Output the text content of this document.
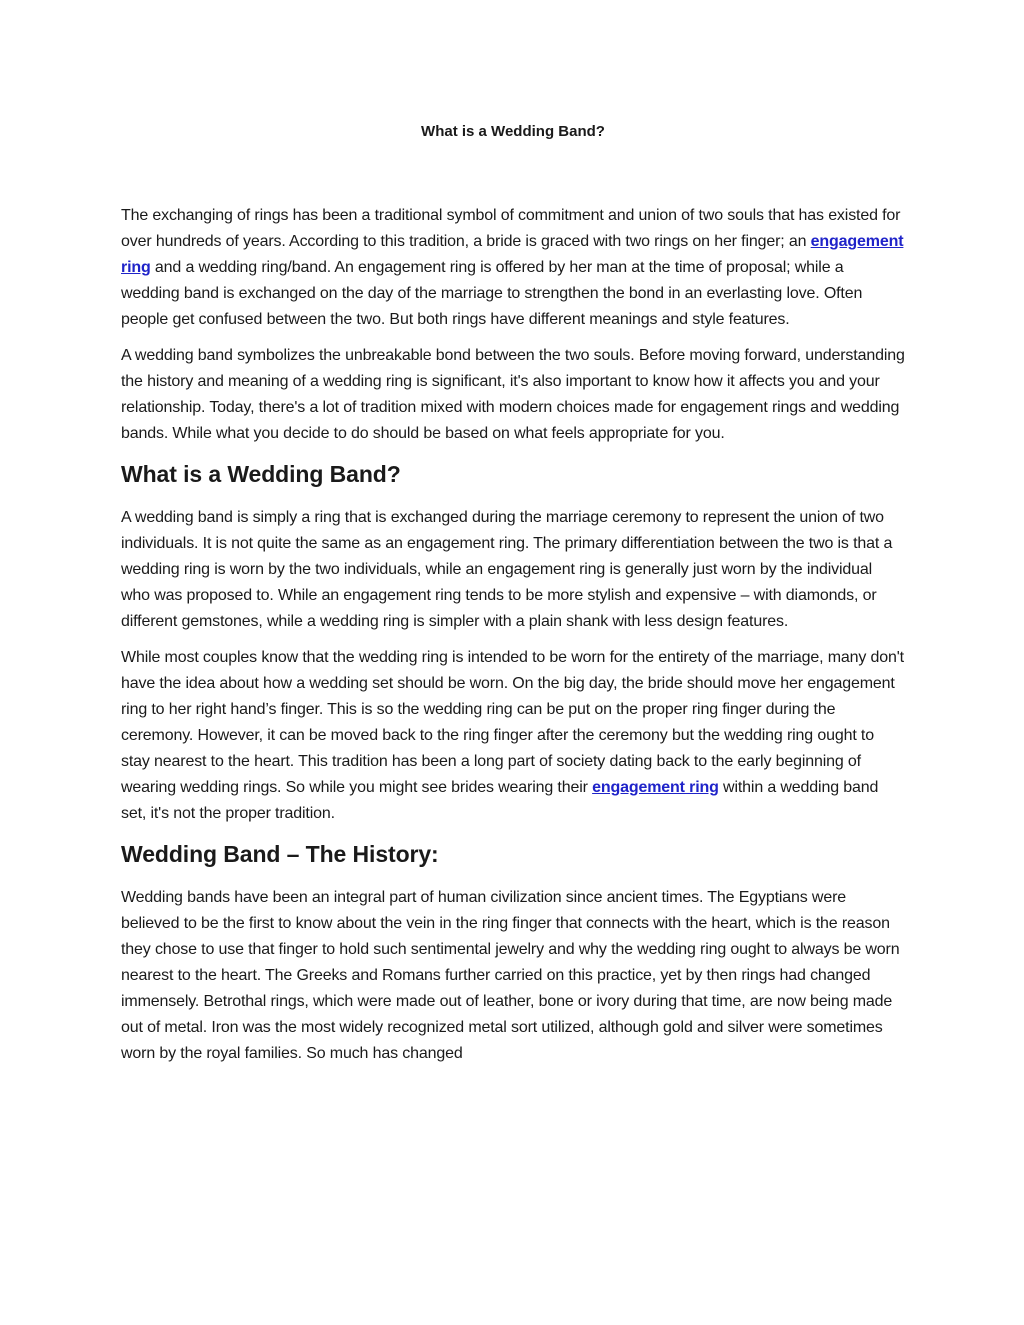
What is a Wedding Band?

The exchanging of rings has been a traditional symbol of commitment and union of two souls that has existed for over hundreds of years. According to this tradition, a bride is graced with two rings on her finger; an engagement ring and a wedding ring/band. An engagement ring is offered by her man at the time of proposal; while a wedding band is exchanged on the day of the marriage to strengthen the bond in an everlasting love. Often people get confused between the two. But both rings have different meanings and style features.

A wedding band symbolizes the unbreakable bond between the two souls. Before moving forward, understanding the history and meaning of a wedding ring is significant, it's also important to know how it affects you and your relationship. Today, there's a lot of tradition mixed with modern choices made for engagement rings and wedding bands. While what you decide to do should be based on what feels appropriate for you.

What is a Wedding Band?

A wedding band is simply a ring that is exchanged during the marriage ceremony to represent the union of two individuals. It is not quite the same as an engagement ring. The primary differentiation between the two is that a wedding ring is worn by the two individuals, while an engagement ring is generally just worn by the individual who was proposed to. While an engagement ring tends to be more stylish and expensive – with diamonds, or different gemstones, while a wedding ring is simpler with a plain shank with less design features.

While most couples know that the wedding ring is intended to be worn for the entirety of the marriage, many don't have the idea about how a wedding set should be worn. On the big day, the bride should move her engagement ring to her right hand’s finger. This is so the wedding ring can be put on the proper ring finger during the ceremony. However, it can be moved back to the ring finger after the ceremony but the wedding ring ought to stay nearest to the heart. This tradition has been a long part of society dating back to the early beginning of wearing wedding rings. So while you might see brides wearing their engagement ring within a wedding band set, it's not the proper tradition.

Wedding Band – The History:

Wedding bands have been an integral part of human civilization since ancient times. The Egyptians were believed to be the first to know about the vein in the ring finger that connects with the heart, which is the reason they chose to use that finger to hold such sentimental jewelry and why the wedding ring ought to always be worn nearest to the heart. The Greeks and Romans further carried on this practice, yet by then rings had changed immensely. Betrothal rings, which were made out of leather, bone or ivory during that time, are now being made out of metal. Iron was the most widely recognized metal sort utilized, although gold and silver were sometimes worn by the royal families. So much has changed
